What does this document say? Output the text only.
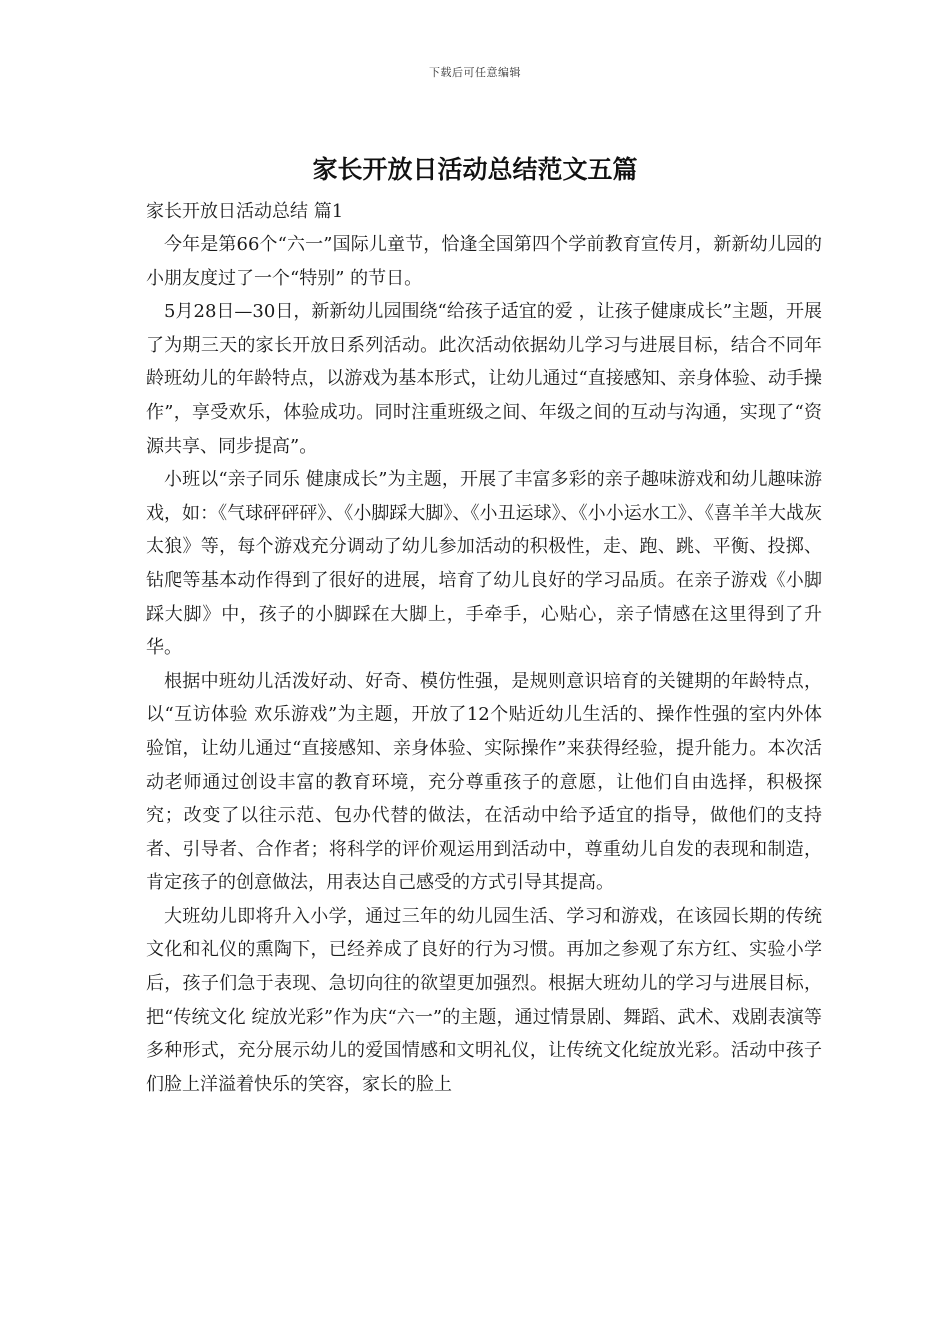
下载后可任意编辑
家长开放日活动总结范文五篇
家长开放日活动总结 篇1

今年是第66个“六一”国际儿童节，恰逢全国第四个学前教育宣传月，新新幼儿园的小朋友度过了一个“特别” 的节日。

5月28日—30日，新新幼儿园围绕“给孩子适宜的爱 ，让孩子健康成长”主题，开展了为期三天的家长开放日系列活动。此次活动依据幼儿学习与进展目标，结合不同年龄班幼儿的年龄特点，以游戏为基本形式，让幼儿通过“直接感知、亲身体验、动手操作”，享受欢乐，体验成功。同时注重班级之间、年级之间的互动与沟通，实现了“资源共享、同步提高”。

小班以“亲子同乐 健康成长”为主题，开展了丰富多彩的亲子趣味游戏和幼儿趣味游戏，如：《气球砰砰砰》、《小脚踩大脚》、《小丑运球》、《小小运水工》、《喜羊羊大战灰太狼》等，每个游戏充分调动了幼儿参加活动的积极性，走、跑、跳、平衡、投掷、钻爬等基本动作得到了很好的进展，培育了幼儿良好的学习品质。在亲子游戏《小脚踩大脚》中，孩子的小脚踩在大脚上，手牵手，心贴心，亲子情感在这里得到了升华。

根据中班幼儿活泼好动、好奇、模仿性强，是规则意识培育的关键期的年龄特点，以“互访体验 欢乐游戏”为主题，开放了12个贴近幼儿生活的、操作性强的室内外体验馆，让幼儿通过“直接感知、亲身体验、实际操作”来获得经验，提升能力。本次活动老师通过创设丰富的教育环境，充分尊重孩子的意愿，让他们自由选择，积极探究；改变了以往示范、包办代替的做法，在活动中给予适宜的指导，做他们的支持者、引导者、合作者；将科学的评价观运用到活动中，尊重幼儿自发的表现和制造，肯定孩子的创意做法，用表达自己感受的方式引导其提高。

大班幼儿即将升入小学，通过三年的幼儿园生活、学习和游戏，在该园长期的传统文化和礼仪的熏陶下，已经养成了良好的行为习惯。再加之参观了东方红、实验小学后，孩子们急于表现、急切向往的欲望更加强烈。根据大班幼儿的学习与进展目标，把“传统文化 绽放光彩”作为庆“六一”的主题，通过情景剧、舞蹈、武术、戏剧表演等多种形式，充分展示幼儿的爱国情感和文明礼仪，让传统文化绽放光彩。活动中孩子们脸上洋溢着快乐的笑容，家长的脸上
